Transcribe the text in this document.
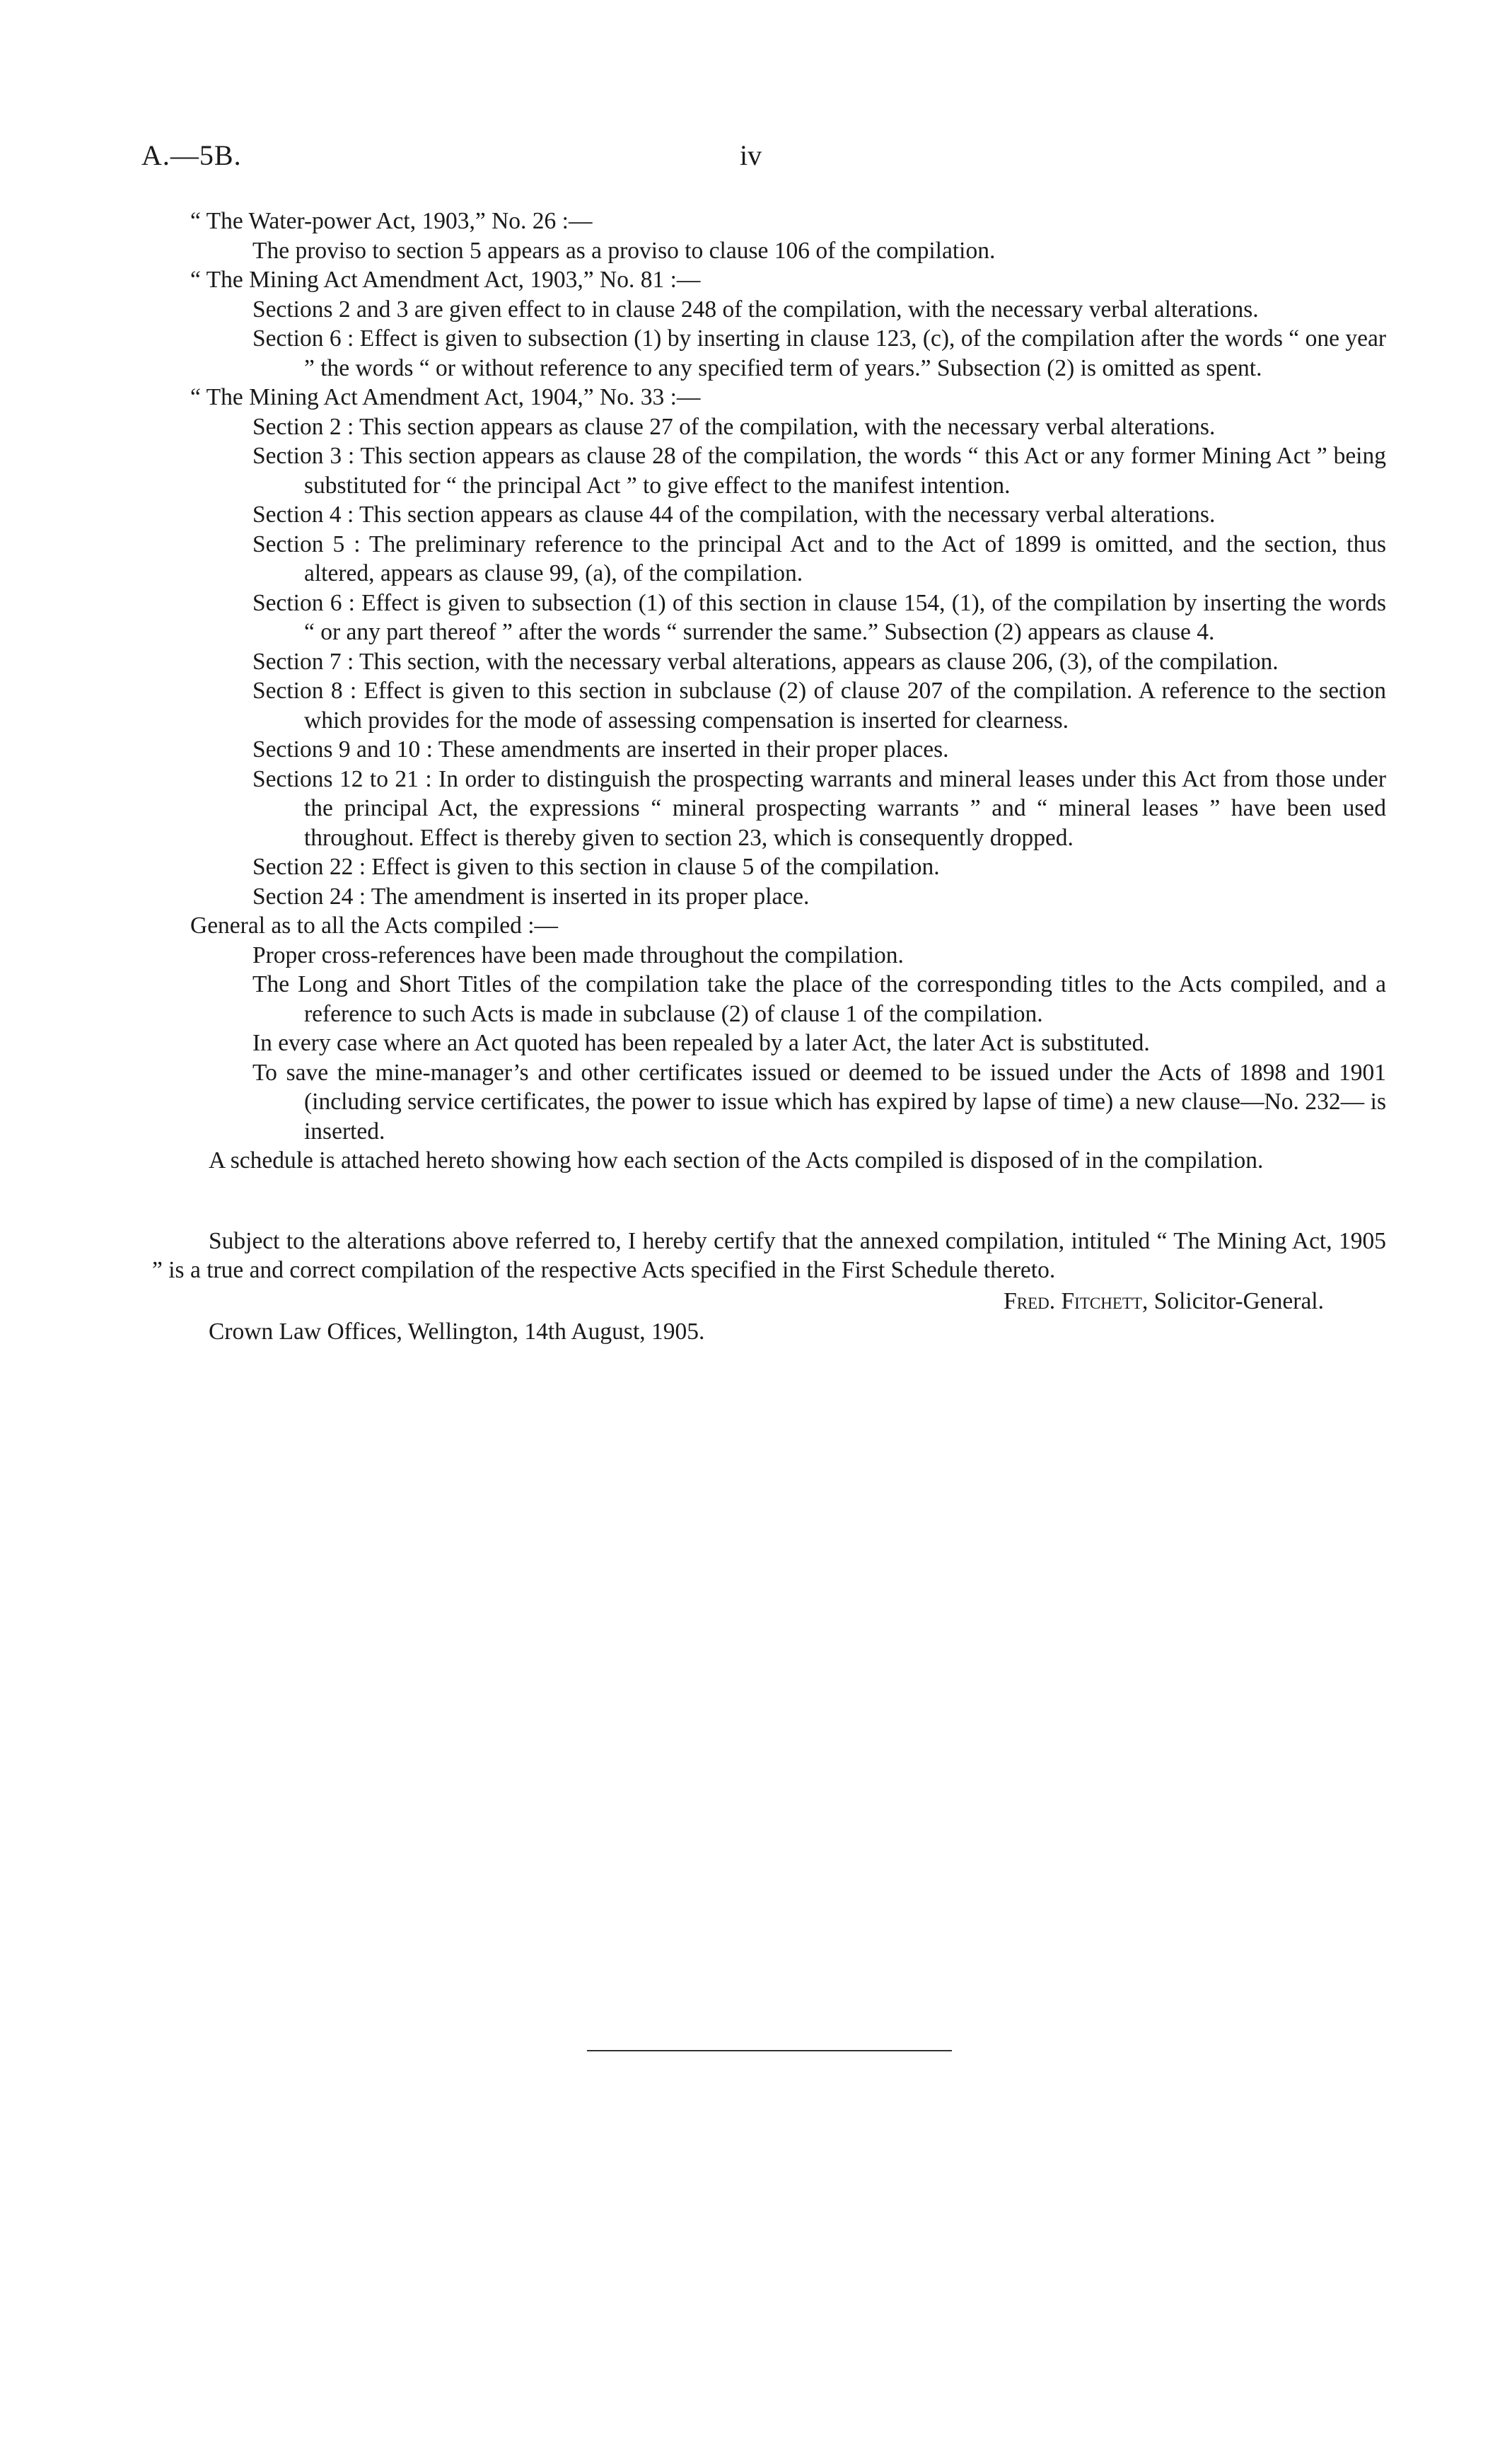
A.—5B.	iv
“ The Water-power Act, 1903,” No. 26 :—
The proviso to section 5 appears as a proviso to clause 106 of the compilation.
“ The Mining Act Amendment Act, 1903,” No. 81 :—
Sections 2 and 3 are given effect to in clause 248 of the compilation, with the necessary verbal alterations.
Section 6 : Effect is given to subsection (1) by inserting in clause 123, (c), of the compilation after the words “ one year ” the words “ or without reference to any specified term of years.” Subsection (2) is omitted as spent.
“ The Mining Act Amendment Act, 1904,” No. 33 :—
Section 2 : This section appears as clause 27 of the compilation, with the necessary verbal alterations.
Section 3 : This section appears as clause 28 of the compilation, the words “ this Act or any former Mining Act ” being substituted for “ the principal Act ” to give effect to the manifest intention.
Section 4 : This section appears as clause 44 of the compilation, with the necessary verbal alterations.
Section 5 : The preliminary reference to the principal Act and to the Act of 1899 is omitted, and the section, thus altered, appears as clause 99, (a), of the compilation.
Section 6 : Effect is given to subsection (1) of this section in clause 154, (1), of the compilation by inserting the words “ or any part thereof ” after the words “ surrender the same.” Subsection (2) appears as clause 4.
Section 7 : This section, with the necessary verbal alterations, appears as clause 206, (3), of the compilation.
Section 8 : Effect is given to this section in subclause (2) of clause 207 of the compilation. A reference to the section which provides for the mode of assessing compensation is inserted for clearness.
Sections 9 and 10 : These amendments are inserted in their proper places.
Sections 12 to 21 : In order to distinguish the prospecting warrants and mineral leases under this Act from those under the principal Act, the expressions “ mineral prospecting warrants ” and “ mineral leases ” have been used throughout. Effect is thereby given to section 23, which is consequently dropped.
Section 22 : Effect is given to this section in clause 5 of the compilation.
Section 24 : The amendment is inserted in its proper place.
General as to all the Acts compiled :—
Proper cross-references have been made throughout the compilation.
The Long and Short Titles of the compilation take the place of the corresponding titles to the Acts compiled, and a reference to such Acts is made in subclause (2) of clause 1 of the compilation.
In every case where an Act quoted has been repealed by a later Act, the later Act is substituted.
To save the mine-manager’s and other certificates issued or deemed to be issued under the Acts of 1898 and 1901 (including service certificates, the power to issue which has expired by lapse of time) a new clause—No. 232— is inserted.
A schedule is attached hereto showing how each section of the Acts compiled is disposed of in the compilation.
Subject to the alterations above referred to, I hereby certify that the annexed compilation, intituled “ The Mining Act, 1905 ” is a true and correct compilation of the respective Acts specified in the First Schedule thereto.
Fred. Fitchett, Solicitor-General.
Crown Law Offices, Wellington, 14th August, 1905.
